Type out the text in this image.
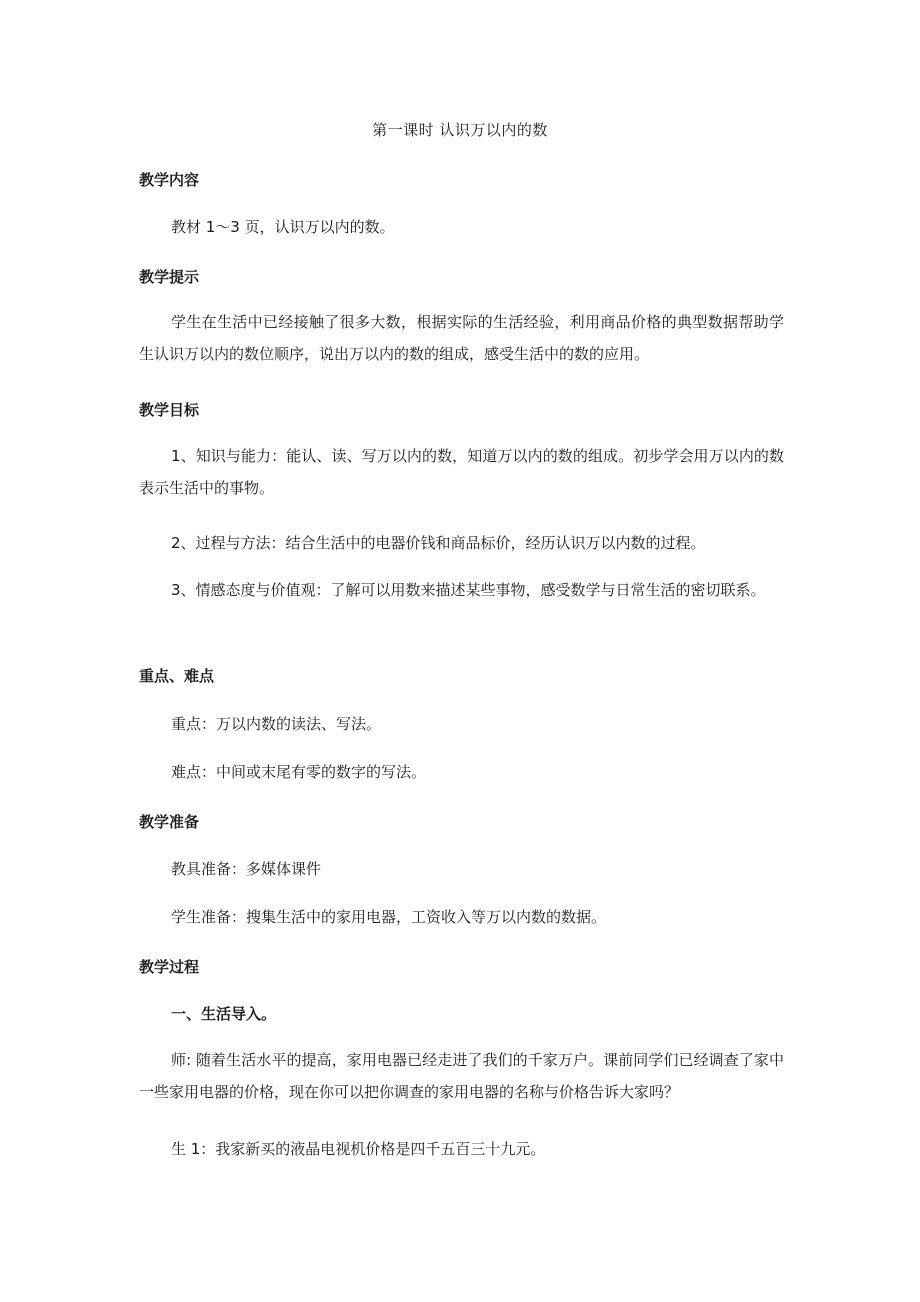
第一课时 认识万以内的数
教学内容
教材 1～3 页，认识万以内的数。
教学提示
学生在生活中已经接触了很多大数，根据实际的生活经验，利用商品价格的典型数据帮助学生认识万以内的数位顺序，说出万以内的数的组成，感受生活中的数的应用。
教学目标
1、知识与能力：能认、读、写万以内的数，知道万以内的数的组成。初步学会用万以内的数表示生活中的事物。
2、过程与方法：结合生活中的电器价钱和商品标价，经历认识万以内数的过程。
3、情感态度与价值观：了解可以用数来描述某些事物，感受数学与日常生活的密切联系。
重点、难点
重点：万以内数的读法、写法。
难点：中间或末尾有零的数字的写法。
教学准备
教具准备：多媒体课件
学生准备：搜集生活中的家用电器，工资收入等万以内数的数据。
教学过程
一、生活导入。
师: 随着生活水平的提高，家用电器已经走进了我们的千家万户。课前同学们已经调查了家中一些家用电器的价格，现在你可以把你调查的家用电器的名称与价格告诉大家吗？
生 1：我家新买的液晶电视机价格是四千五百三十九元。
